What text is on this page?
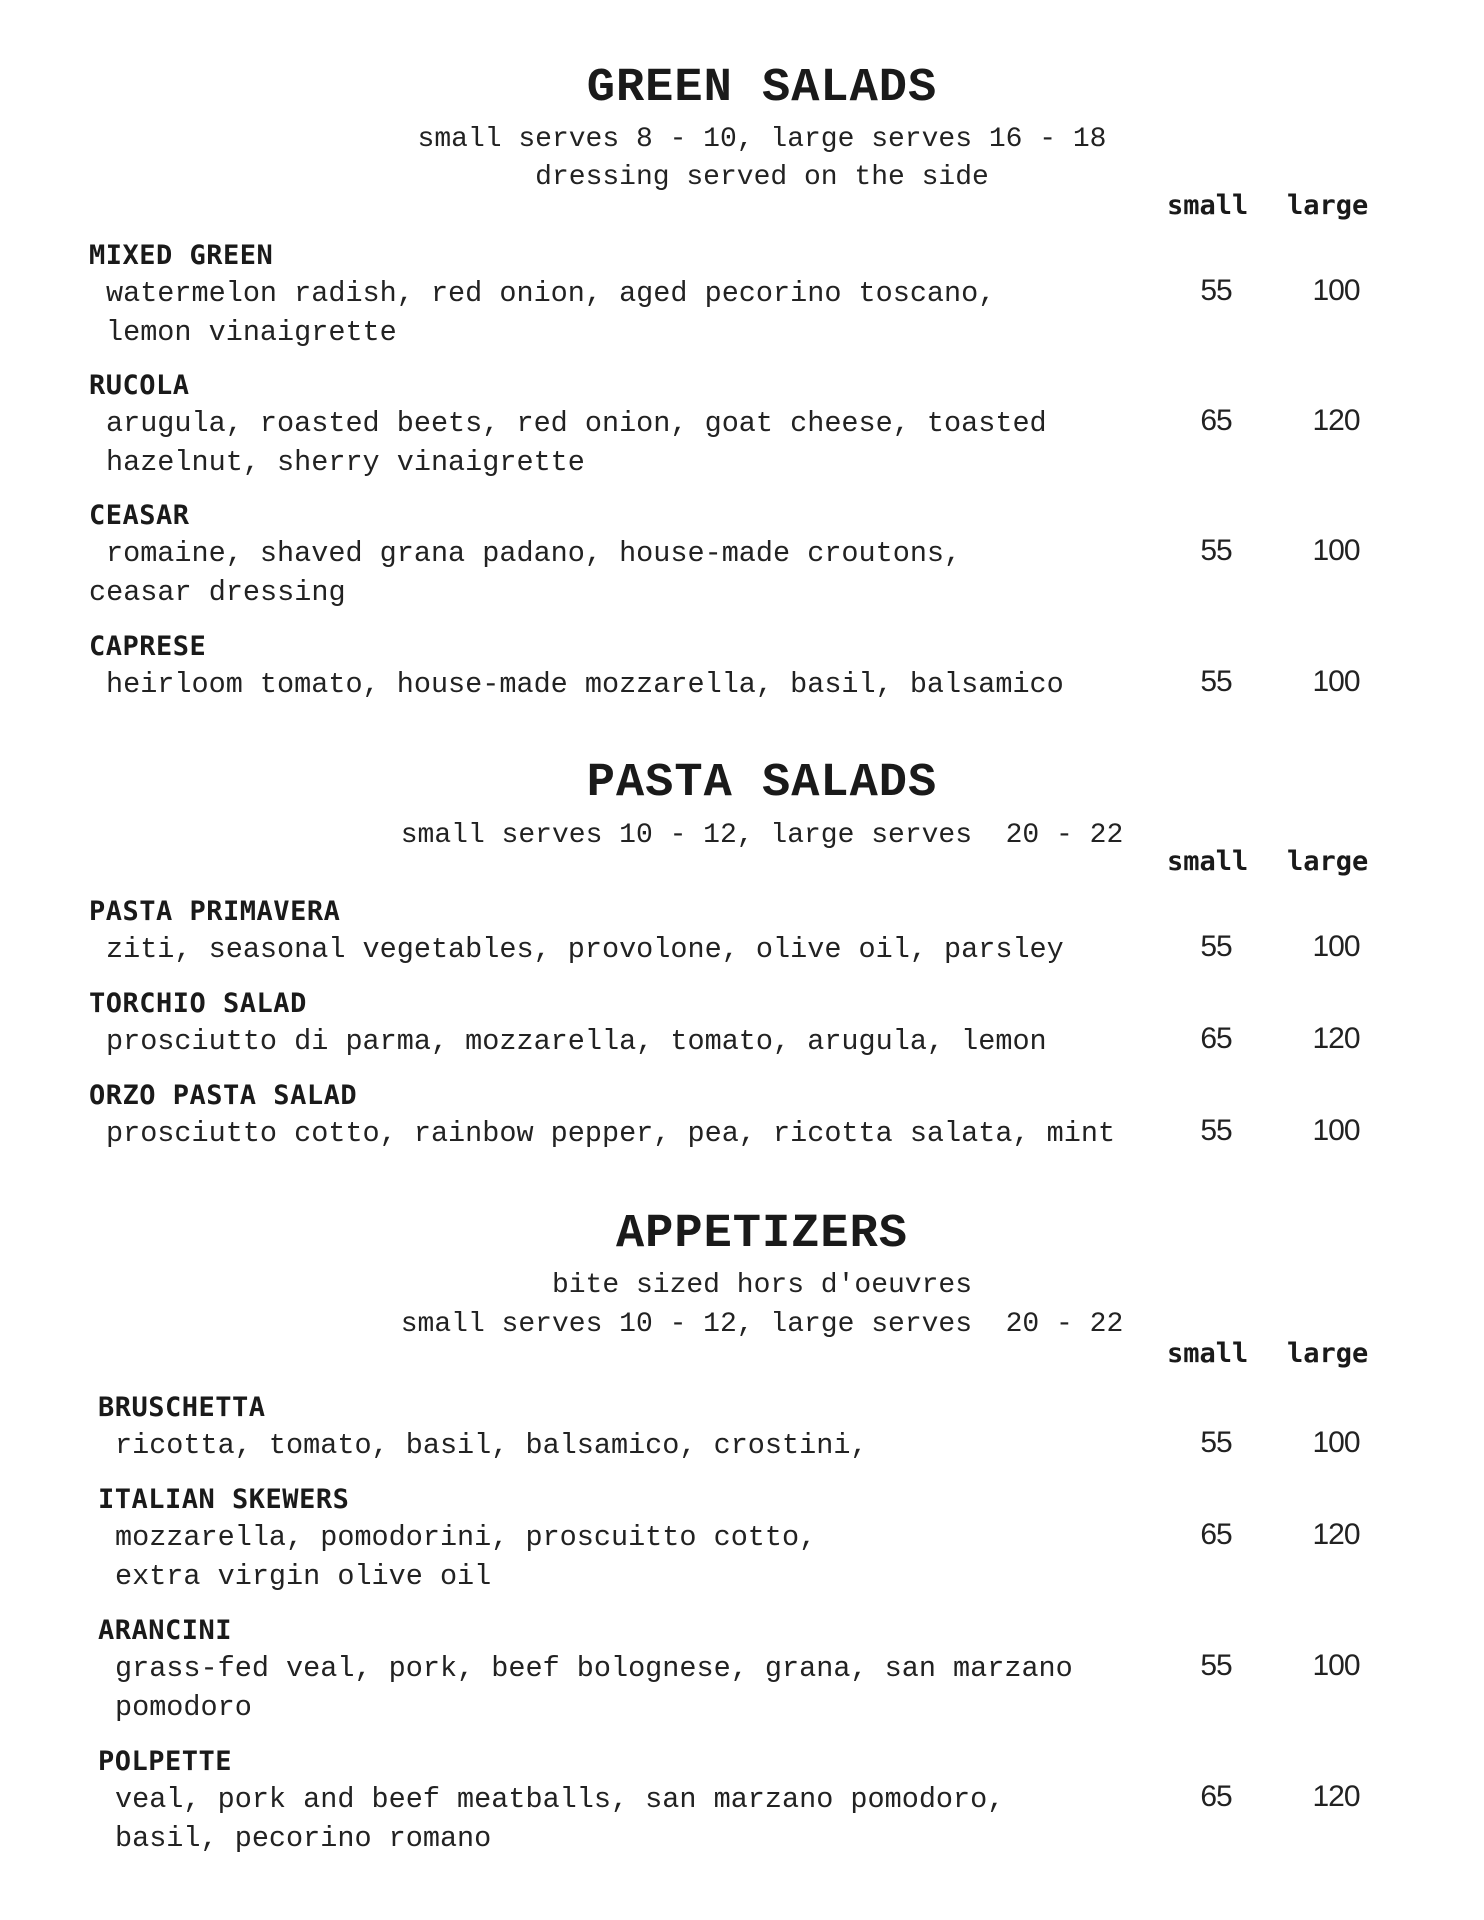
GREEN SALADS
small serves 8 - 10, large serves 16 - 18
dressing served on the side
small large
MIXED GREEN
watermelon radish, red onion, aged pecorino toscano,
lemon vinaigrette
55	100
RUCOLA
arugula, roasted beets, red onion, goat cheese, toasted
hazelnut, sherry vinaigrette
65	120
CEASAR
romaine, shaved grana padano, house-made croutons,
ceasar dressing
55	100
CAPRESE
heirloom tomato, house-made mozzarella, basil, balsamico	55	100
PASTA SALADS
small serves 10 - 12, large serves  20 - 22
small large
PASTA PRIMAVERA
ziti, seasonal vegetables, provolone, olive oil, parsley	55	100
TORCHIO SALAD
prosciutto di parma, mozzarella, tomato, arugula, lemon	65	120
ORZO PASTA SALAD
prosciutto cotto, rainbow pepper, pea, ricotta salata, mint	55	100
APPETIZERS
bite sized hors d'oeuvres
small serves 10 - 12, large serves  20 - 22
small large
BRUSCHETTA
ricotta, tomato, basil, balsamico, crostini,	55	100
ITALIAN SKEWERS
mozzarella, pomodorini, proscuitto cotto,
extra virgin olive oil
65	120
ARANCINI
grass-fed veal, pork, beef bolognese, grana, san marzano
pomodoro
55	100
POLPETTE
veal, pork and beef meatballs, san marzano pomodoro,
basil, pecorino romano
65	120
